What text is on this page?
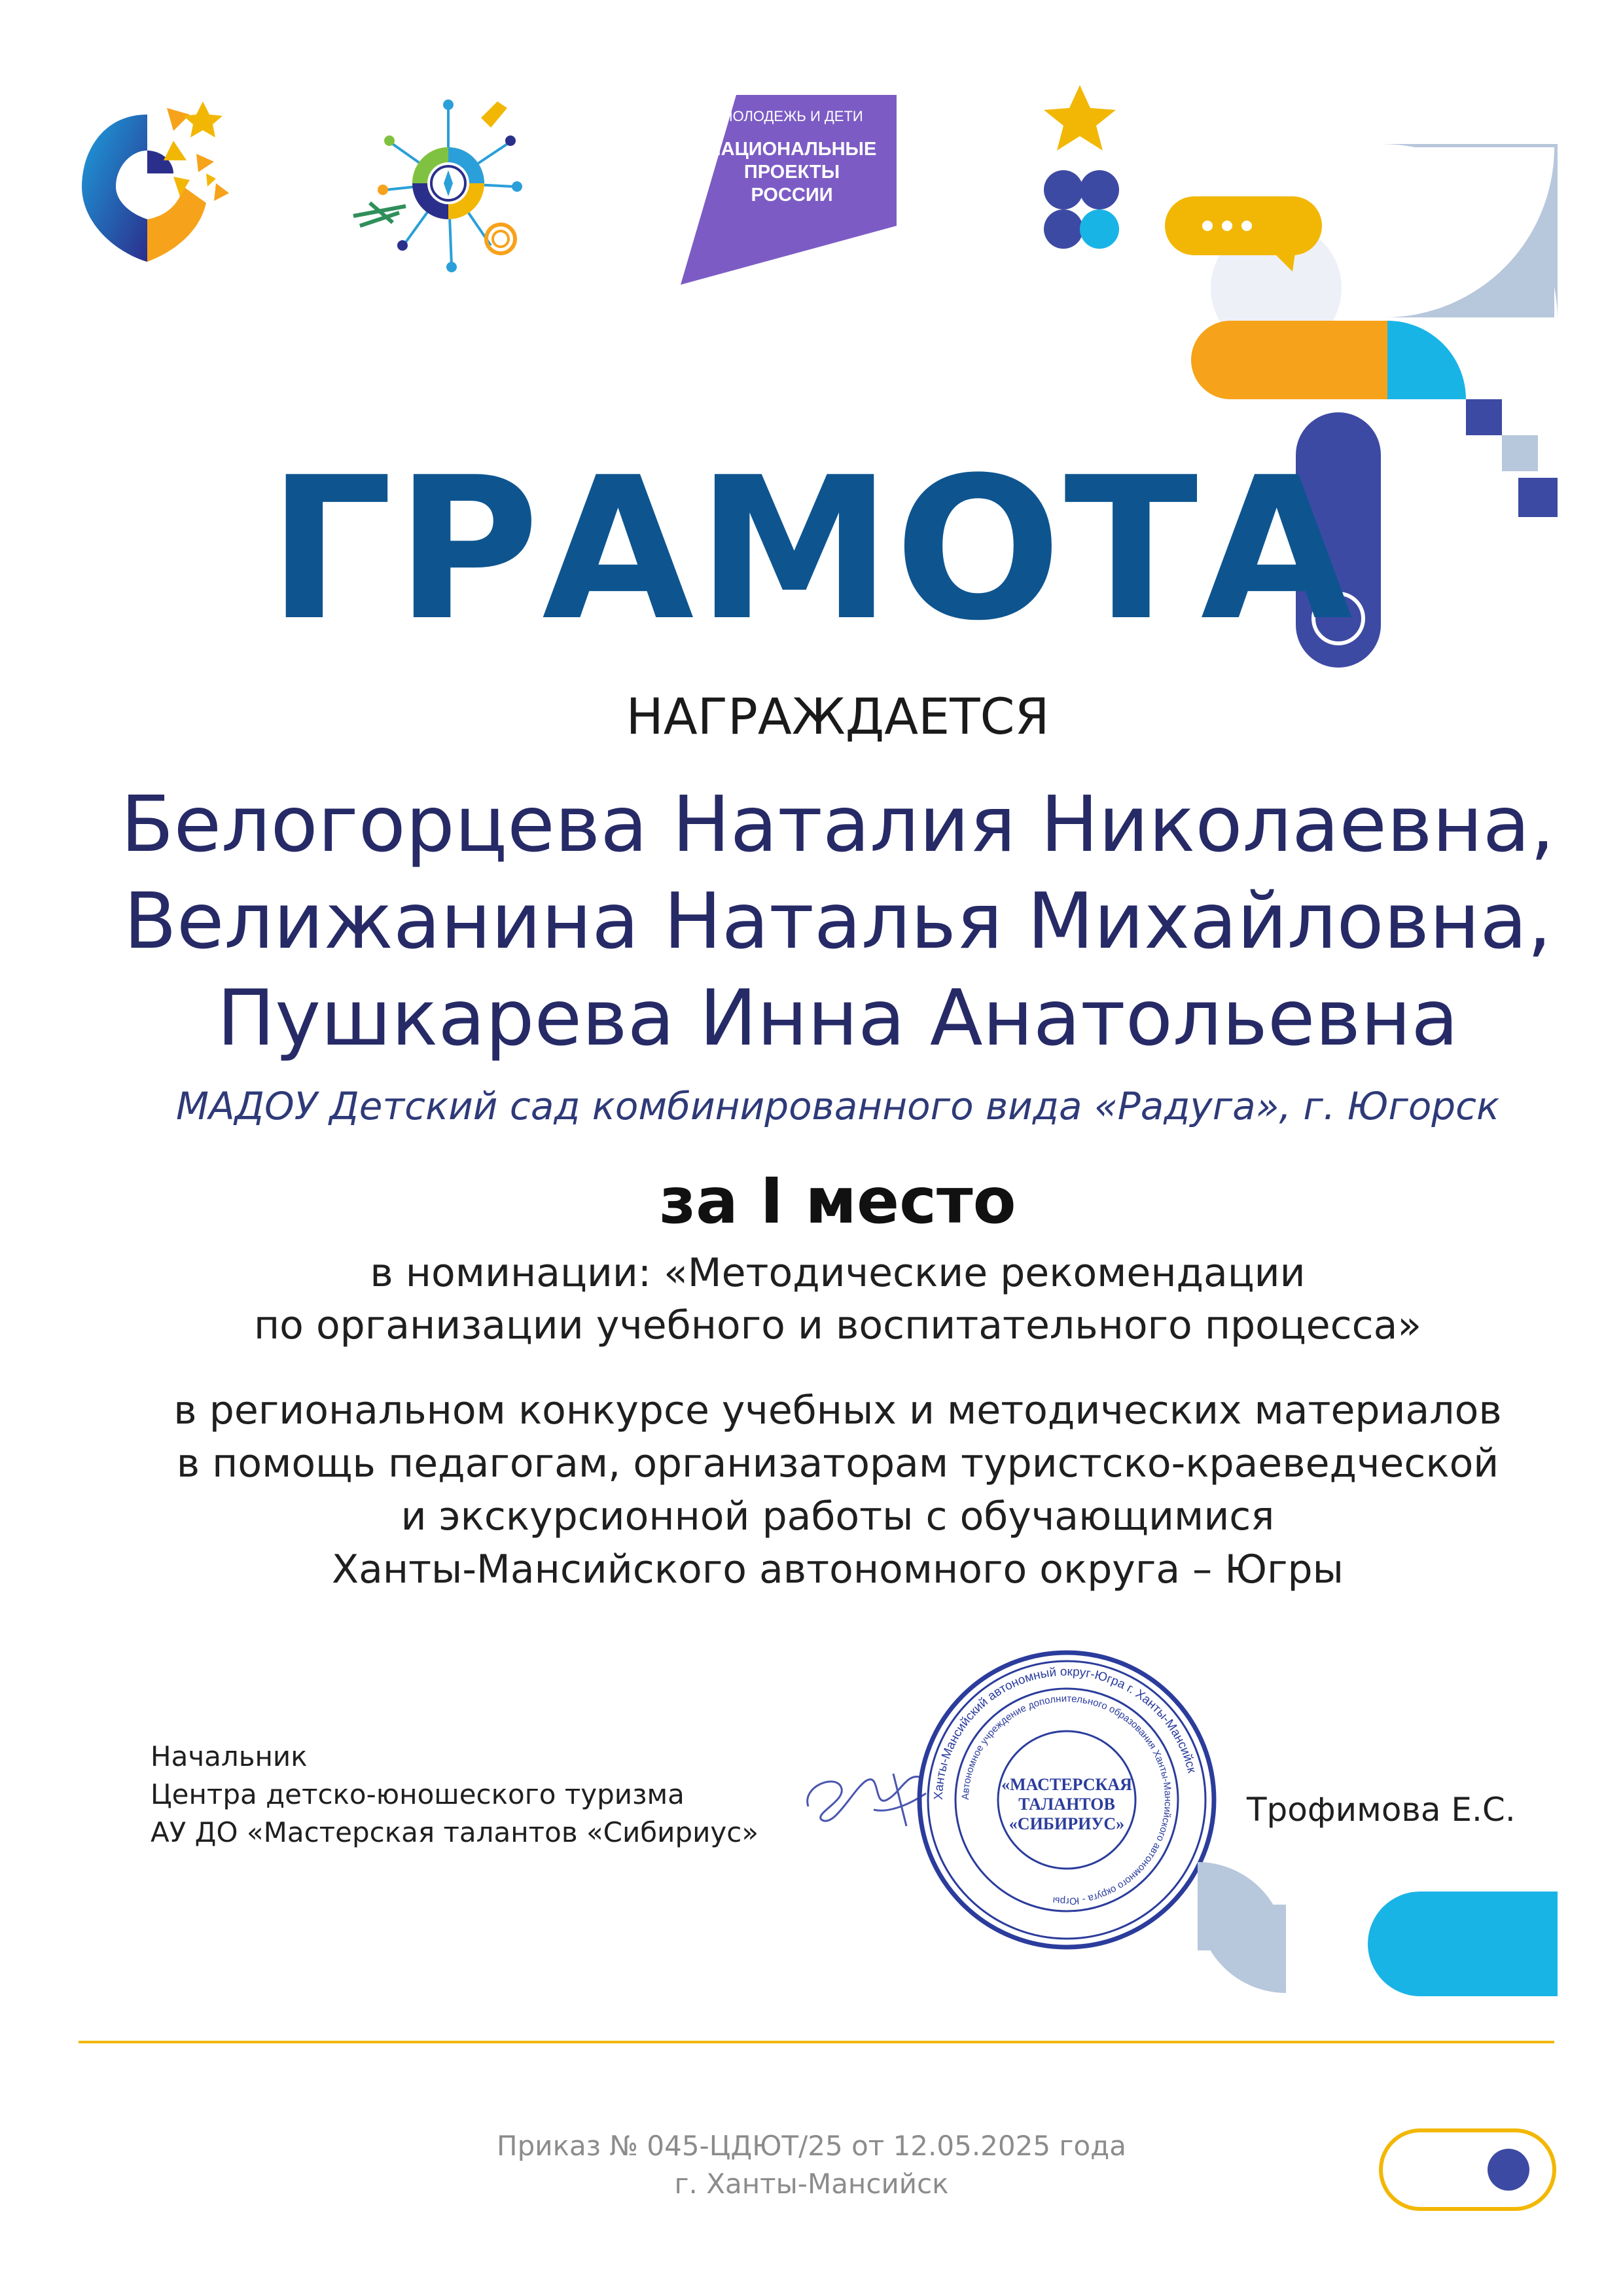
МОЛОДЕЖЬ И ДЕТИ
НАЦИОНАЛЬНЫЕ
ПРОЕКТЫ
РОССИИ
ГРАМОТА
НАГРАЖДАЕТСЯ
Белогорцева Наталия Николаевна,
Велижанина Наталья Михайловна,
Пушкарева Инна Анатольевна
МАДОУ Детский сад комбинированного вида «Радуга», г. Югорск
за I место
в номинации: «Методические рекомендации
по организации учебного и воспитательного процесса»
в региональном конкурсе учебных и методических материалов
в помощь педагогам, организаторам туристско-краеведческой
и экскурсионной работы с обучающимися
Ханты-Мансийского автономного округа – Югры
Начальник
Центра детско-юношеского туризма
АУ ДО «Мастерская талантов «Сибириус»
Ханты-Мансийский автономный округ-Югра г. Ханты-Мансийск
Автономное учреждение дополнительного образования Ханты-Мансийского автономного округа - Югры
«МАСТЕРСКАЯ
ТАЛАНТОВ
«СИБИРИУС»	Трофимова Е.С.
Приказ № 045-ЦДЮТ/25 от 12.05.2025 года
г. Ханты-Мансийск
